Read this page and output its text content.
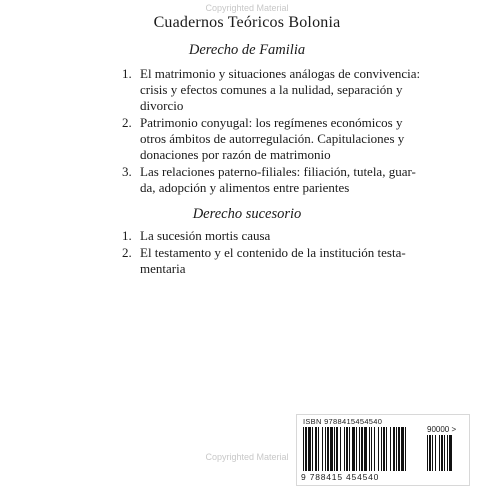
Copyrighted Material
Cuadernos Teóricos Bolonia
Derecho de Familia
1. El matrimonio y situaciones análogas de convivencia:
crisis y efectos comunes a la nulidad, separación y
divorcio
2. Patrimonio conyugal: los regímenes económicos y
otros ámbitos de autorregulación. Capitulaciones y
donaciones por razón de matrimonio
3. Las relaciones paterno-filiales: filiación, tutela, guar-
da, adopción y alimentos entre parientes
Derecho sucesorio
1. La sucesión mortis causa
2. El testamento y el contenido de la institución testa-
mentaria
Copyrighted Material
ISBN 9788415454540
90000 >
9 788415 454540
